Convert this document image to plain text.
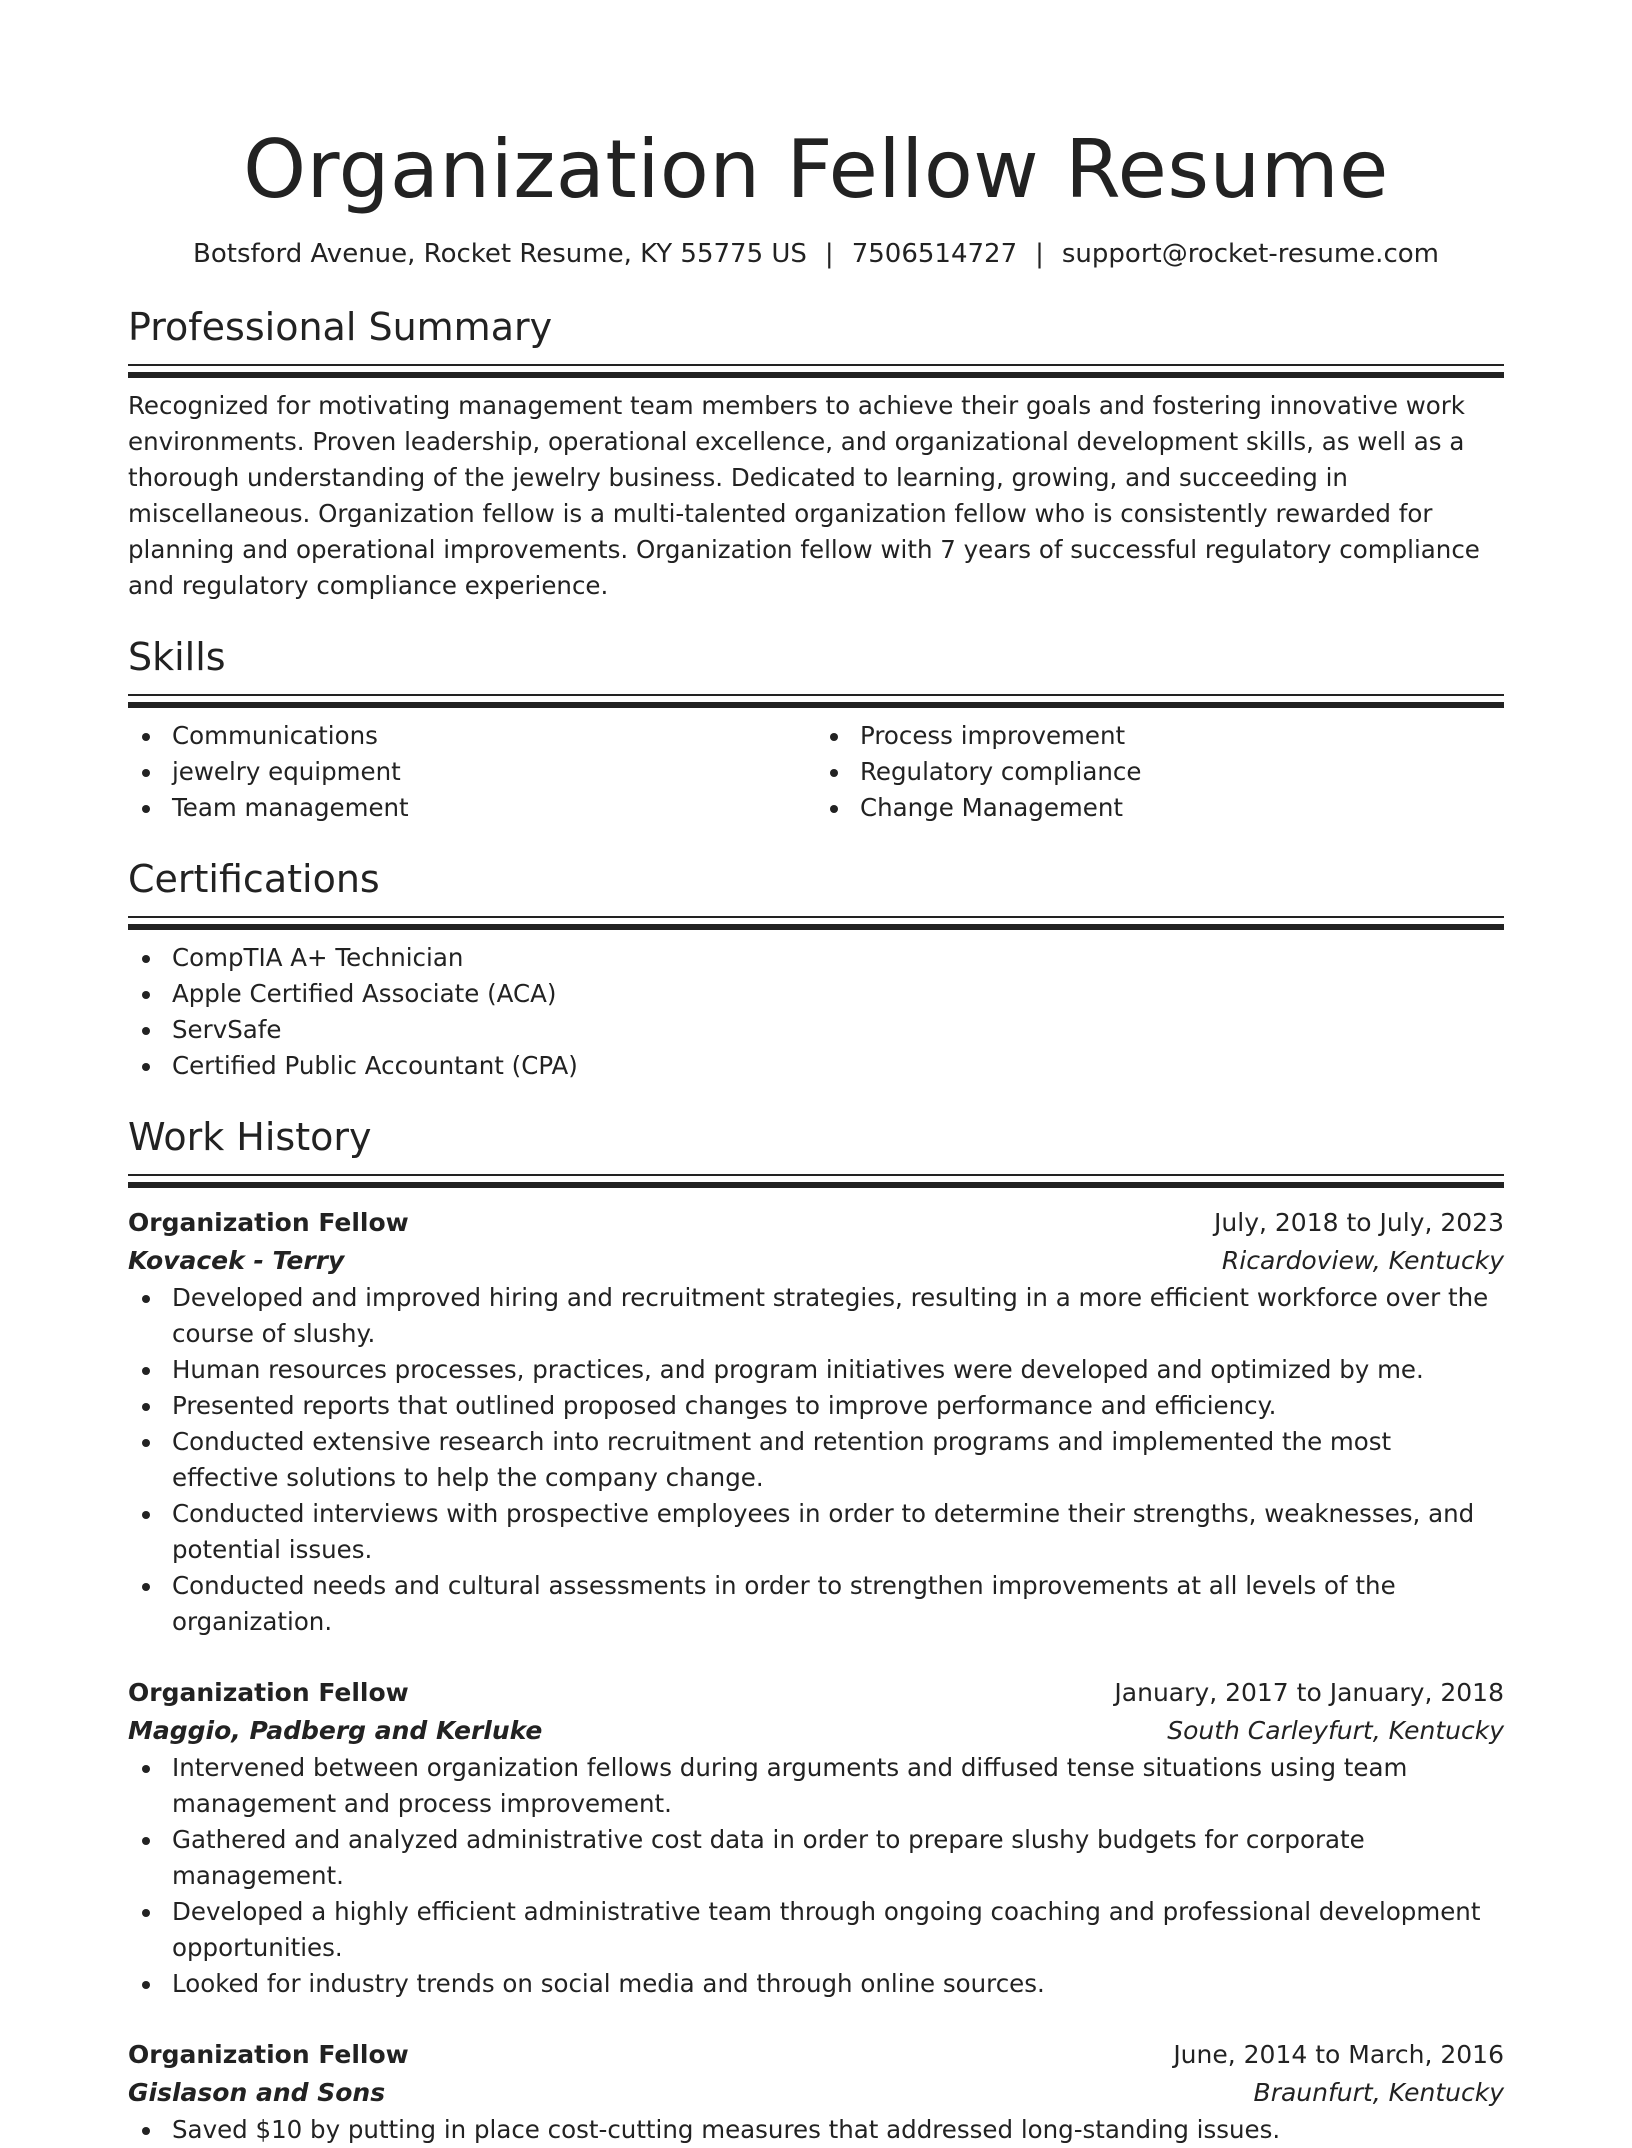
Organization Fellow Resume
Botsford Avenue, Rocket Resume, KY 55775 US | 7506514727 | support@rocket-resume.com
Professional Summary

Recognized for motivating management team members to achieve their goals and fostering innovative work environments. Proven leadership, operational excellence, and organizational development skills, as well as a thorough understanding of the jewelry business. Dedicated to learning, growing, and succeeding in miscellaneous. Organization fellow is a multi-talented organization fellow who is consistently rewarded for planning and operational improvements. Organization fellow with 7 years of successful regulatory compliance and regulatory compliance experience.

Skills
Communications
jewelry equipment
Team management
Process improvement
Regulatory compliance
Change Management
Certifications
CompTIA A+ Technician
Apple Certified Associate (ACA)
ServSafe
Certified Public Accountant (CPA)
Work History
Organization Fellow	July, 2018 to July, 2023
Kovacek - Terry	Ricardoview, Kentucky
Developed and improved hiring and recruitment strategies, resulting in a more efficient workforce over the course of slushy.
Human resources processes, practices, and program initiatives were developed and optimized by me.
Presented reports that outlined proposed changes to improve performance and efficiency.
Conducted extensive research into recruitment and retention programs and implemented the most effective solutions to help the company change.
Conducted interviews with prospective employees in order to determine their strengths, weaknesses, and potential issues.
Conducted needs and cultural assessments in order to strengthen improvements at all levels of the organization.
Organization Fellow	January, 2017 to January, 2018
Maggio, Padberg and Kerluke	South Carleyfurt, Kentucky
Intervened between organization fellows during arguments and diffused tense situations using team management and process improvement.
Gathered and analyzed administrative cost data in order to prepare slushy budgets for corporate management.
Developed a highly efficient administrative team through ongoing coaching and professional development opportunities.
Looked for industry trends on social media and through online sources.
Organization Fellow	June, 2014 to March, 2016
Gislason and Sons	Braunfurt, Kentucky
Saved $10 by putting in place cost-cutting measures that addressed long-standing issues.
